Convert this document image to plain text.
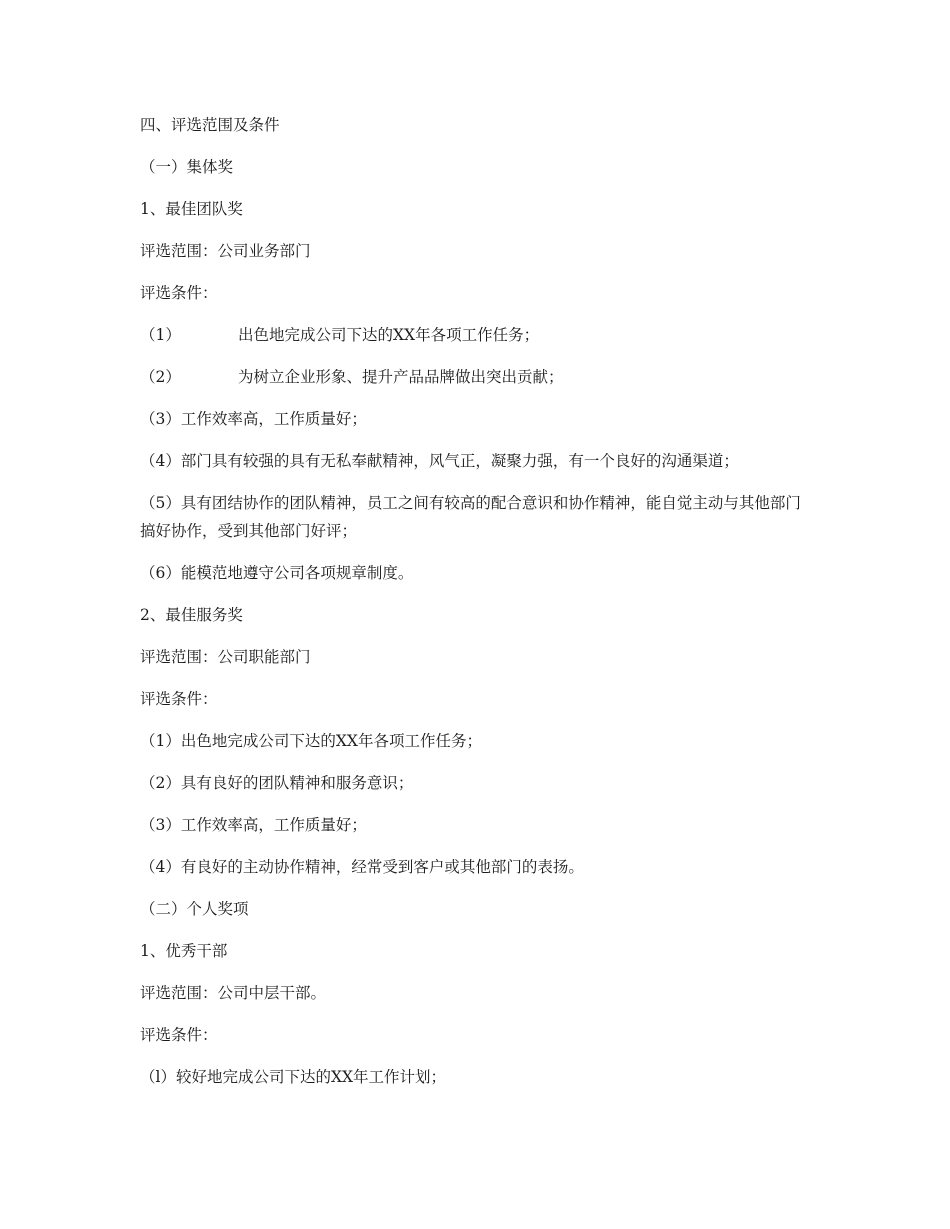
四、评选范围及条件

（一）集体奖

1、最佳团队奖

评选范围：公司业务部门

评选条件：

（1）	出色地完成公司下达的XX年各项工作任务；

（2）	为树立企业形象、提升产品品牌做出突出贡献；

（3）工作效率高，工作质量好；

（4）部门具有较强的具有无私奉献精神，风气正，凝聚力强，有一个良好的沟通渠道；

（5）具有团结协作的团队精神，员工之间有较高的配合意识和协作精神，能自觉主动与其他部门搞好协作，受到其他部门好评；

（6）能模范地遵守公司各项规章制度。

2、最佳服务奖

评选范围：公司职能部门

评选条件：

（1）出色地完成公司下达的XX年各项工作任务；

（2）具有良好的团队精神和服务意识；

（3）工作效率高，工作质量好；

（4）有良好的主动协作精神，经常受到客户或其他部门的表扬。

（二）个人奖项

1、优秀干部

评选范围：公司中层干部。

评选条件：

（l）较好地完成公司下达的XX年工作计划；
